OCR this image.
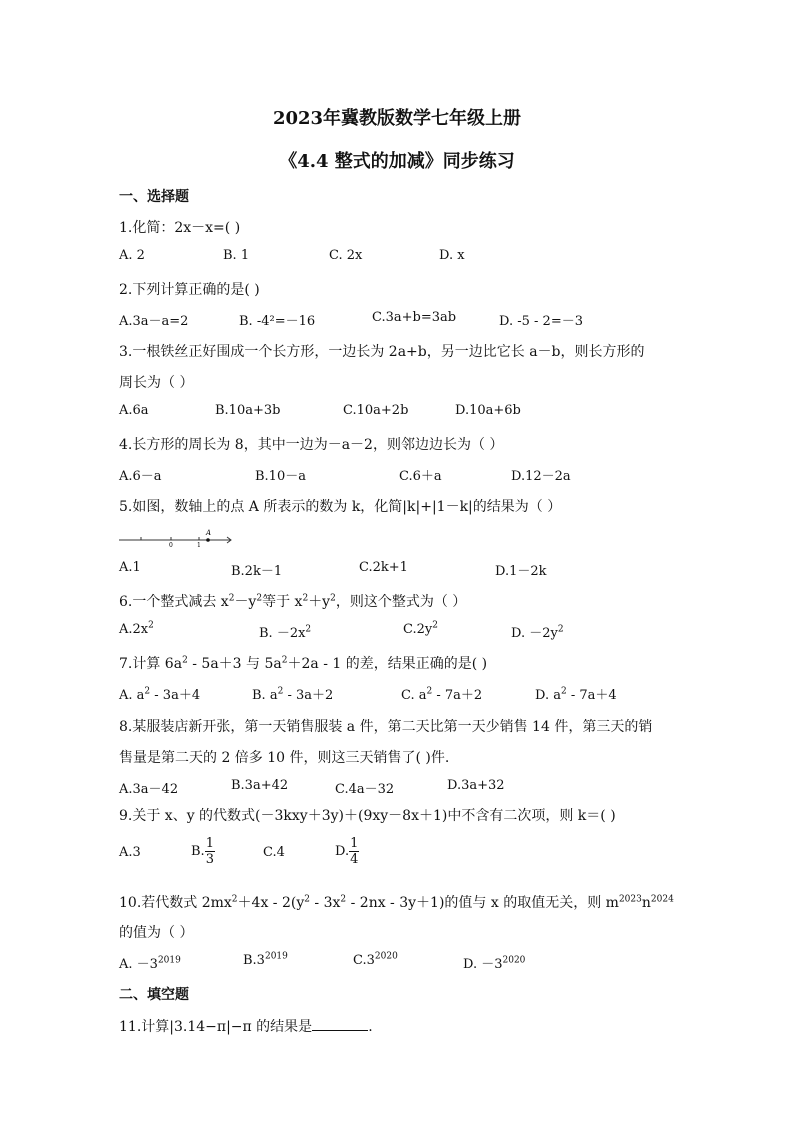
2023年冀教版数学七年级上册
《4.4 整式的加减》同步练习
一、选择题
1.化简：2x－x=( )
A. 2	B. 1	C. 2x	D. x
2.下列计算正确的是( )
A.3a－a=2	B. -4²=－16	C.3a+b=3ab	D. -5 - 2=－3
3.一根铁丝正好围成一个长方形，一边长为 2a+b，另一边比它长 a－b，则长方形的
周长为（ ）
A.6a	B.10a+3b	C.10a+2b	D.10a+6b
4.长方形的周长为 8，其中一边为－a－2，则邻边边长为（ ）
A.6－a	B.10－a	C.6＋a	D.12－2a
5.如图，数轴上的点 A 所表示的数为 k，化简|k|+|1－k|的结果为（ ）
A
0	1
A.1	B.2k－1	C.2k+1	D.1－2k
6.一个整式减去 $x^2-y^2$等于 $x^2+y^2$，则这个整式为（ ）
$A.2x^2$
B. $-2x^2$	$C.2y^2$
D. $-2y^2$
7.计算 $6a^2 - 5a+3$ 与 $5a^2+2a - 1$ 的差，结果正确的是( )
A. $a^2 - 3a+4$	B. $a^2 - 3a+2$	C. $a^2 - 7a+2$	D. $a^2 - 7a+4$
8.某服装店新开张，第一天销售服装 a 件，第二天比第一天少销售 14 件，第三天的销
售量是第二天的 2 倍多 10 件，则这三天销售了( )件.
A.3a－42	B.3a+42	C.4a－32	D.3a+32
9.关于 x、y 的代数式(－3kxy＋3y)＋(9xy－8x＋1)中不含有二次项，则 k＝( )
A.3	B. $\frac{1}{3}$	C.4	D. $\frac{1}{4}$
10.若代数式 $2mx^2+4x - 2(y^2 - 3x^2 - 2nx - 3y+1)$的值与 x 的取值无关，则 $m^{2023}n^{2024}$
的值为（ ）
A. $-3^{2019}$	$B.3^{2019}$	$C.3^{2020}$
D. $-3^{2020}$
二、填空题
11.计算|3.14−π|−π 的结果是	.
